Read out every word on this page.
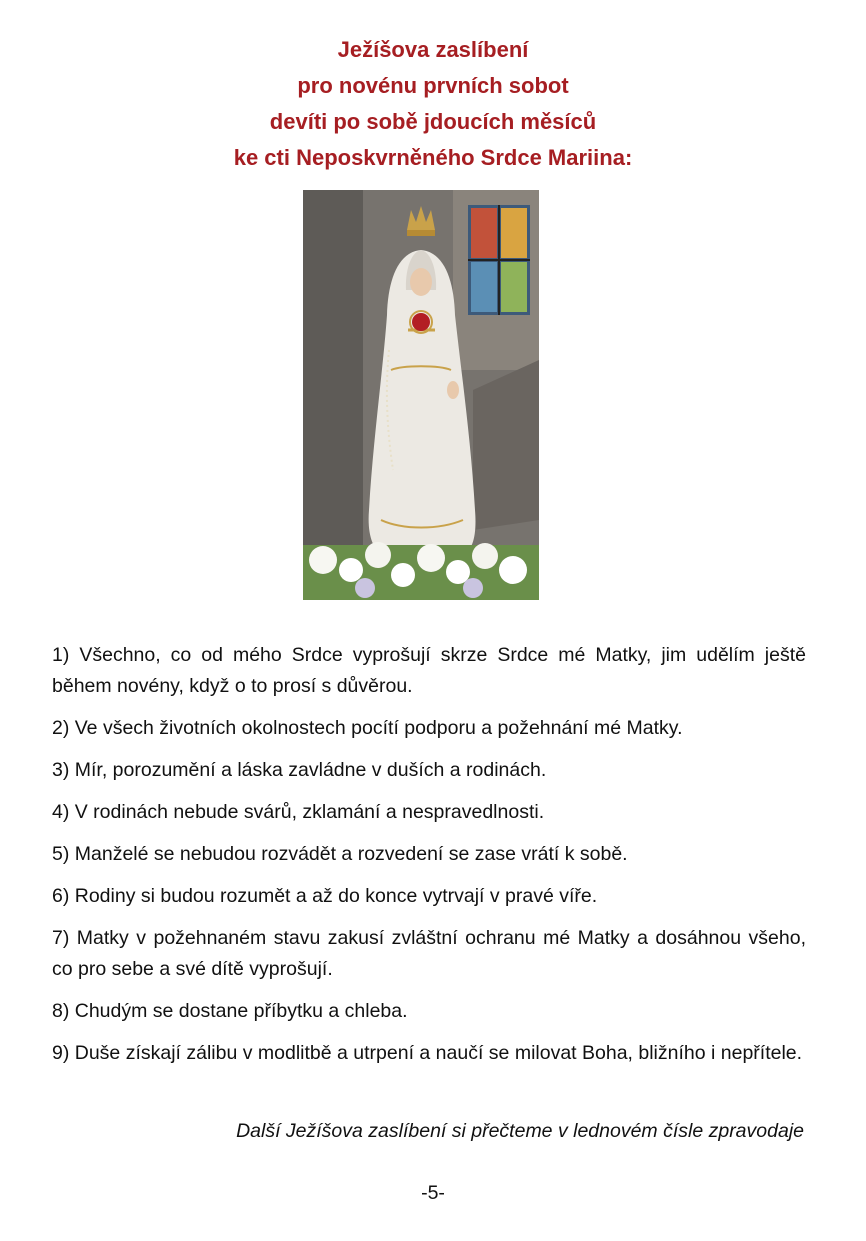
Ježíšova zaslíbení
pro novénu prvních sobot
devíti po sobě jdoucích měsíců
ke cti Neposkvrněného Srdce Mariina:

1) Všechno, co od mého Srdce vyprošují skrze Srdce mé Matky, jim udělím ještě během novény, když o to prosí s důvěrou.

2) Ve všech životních okolnostech pocítí podporu a požehnání mé Matky.

3) Mír, porozumění a láska zavládne v duších a rodinách.

4) V rodinách nebude svárů, zklamání a nespravedlnosti.

5) Manželé se nebudou rozvádět a rozvedení se zase vrátí k sobě.

6) Rodiny si budou rozumět a až do konce vytrvají v pravé víře.

7) Matky v požehnaném stavu zakusí zvláštní ochranu mé Matky a dosáhnou všeho, co pro sebe a své dítě vyprošují.

8) Chudým se dostane příbytku a chleba.

9) Duše získají zálibu v modlitbě a utrpení a naučí se milovat Boha, bližního i nepřítele.

Další Ježíšova zaslíbení si přečteme v lednovém čísle zpravodaje
-5-
